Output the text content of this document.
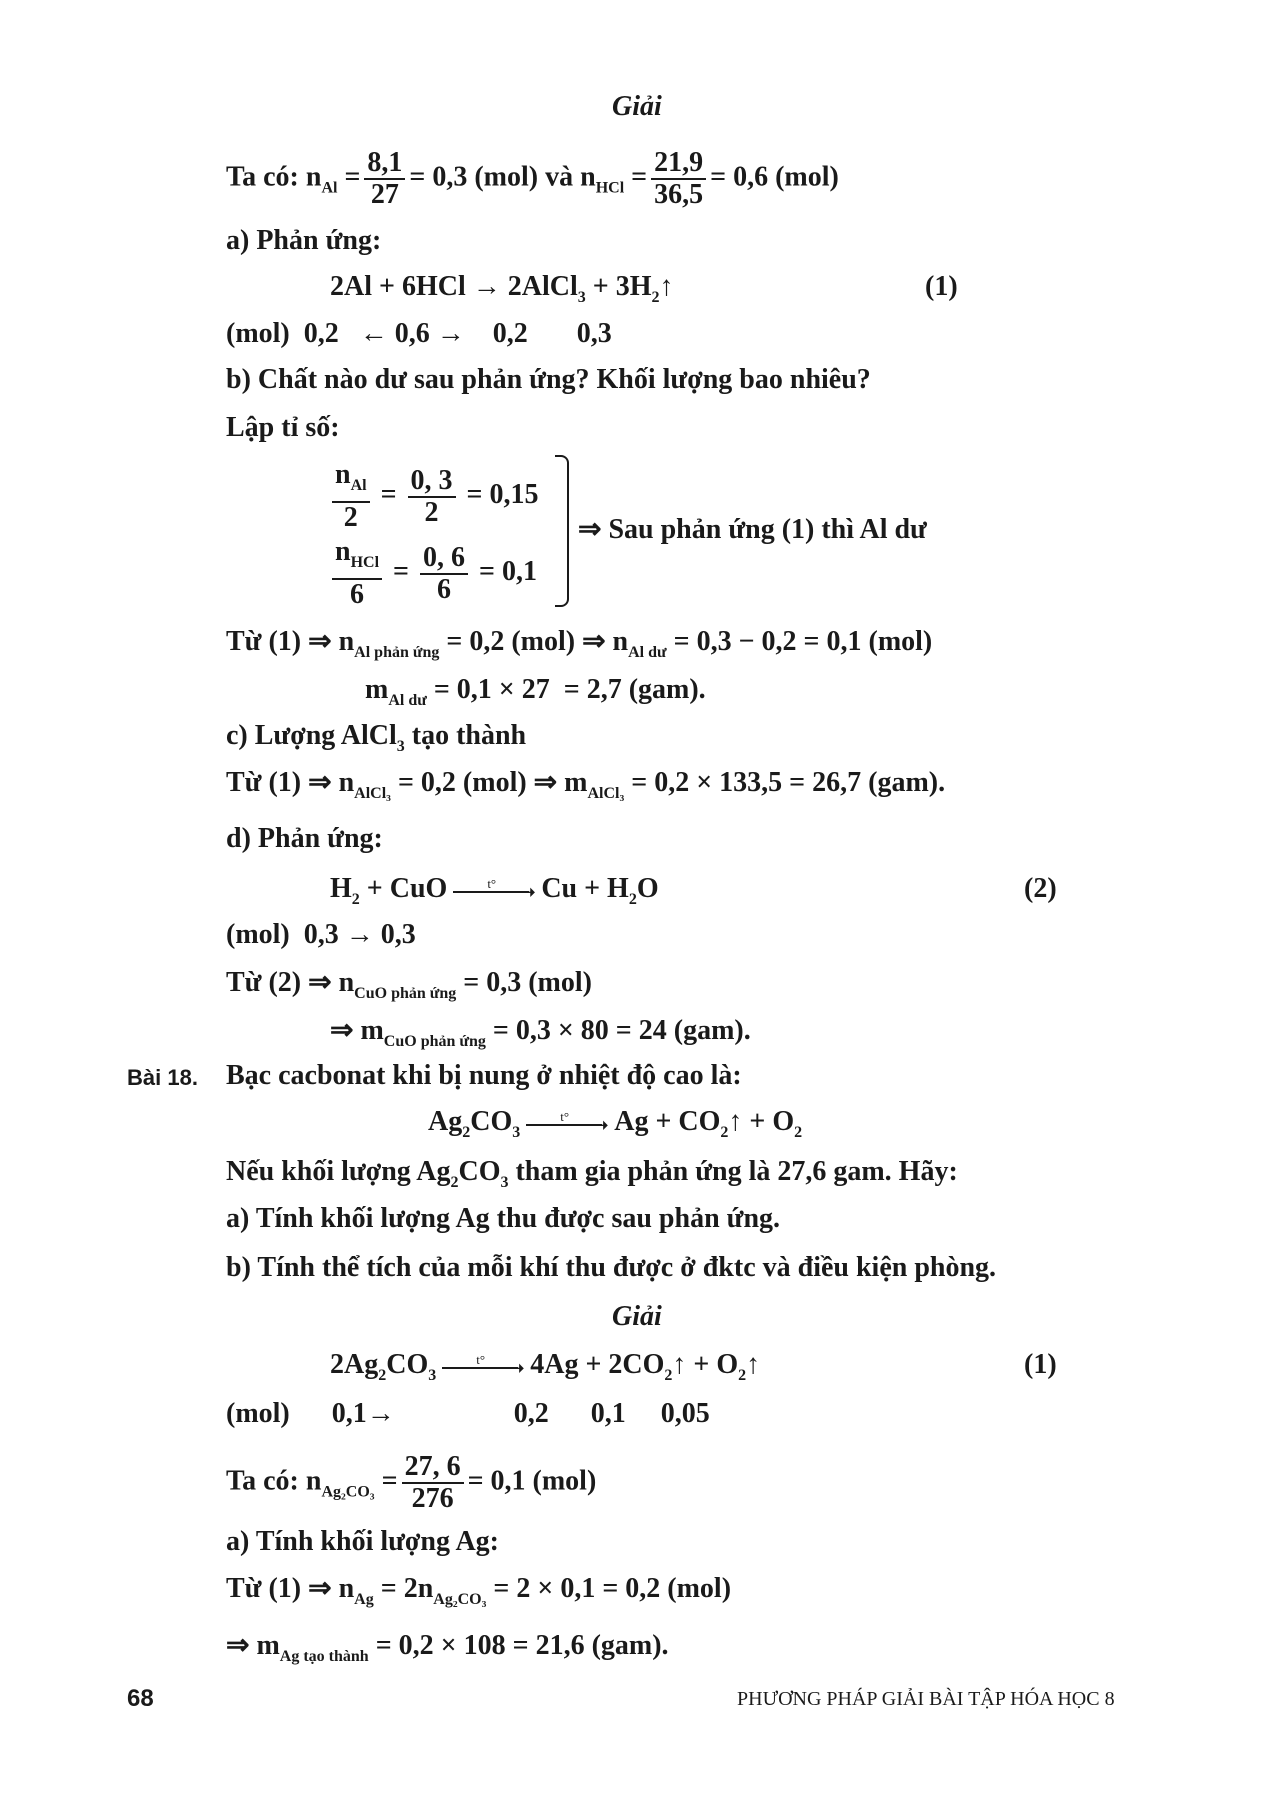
Giải
Ta có: $n_{Al} = \frac{8,1}{27} = 0,3$ (mol) và $n_{HCl} = \frac{21,9}{36,5} = 0,6$ (mol)
a) Phản ứng:
2Al + 6HCl → 2AlCl$_3$ + $3H_2↑$	(1)
(mol)  0,2   ← 0,6 →    0,2       0,3
b) Chất nào dư sau phản ứng? Khối lượng bao nhiêu?
Lập tỉ số:
$\frac{n_{Al}}{2} = \frac{0, 3}{2} = 0,15$
$\frac{n_{HCl}}{6} = \frac{0, 6}{6} = 0,1$
⇒ Sau phản ứng (1) thì Al dư
Từ (1) ⇒ $n_{Al phản ứng} = 0,2$ (mol) ⇒ $n_{Al dư} = 0,3 - 0,2 = 0,1$ (mol)
$m_{Al dư} = 0,1 \times 27 = 2,7$ (gam).
c) Lượng AlCl$_3$ tạo thành
Từ (1) ⇒ $n_{AlCl_3} = 0,2$ (mol) ⇒ $m_{AlCl_3} = 0,2 \times 133,5 = 26,7$ (gam).
d) Phản ứng:
$H_2$ + CuO	➝
t° $Cu + H_2O$	(2)
(mol)  0,3 → 0,3
Từ (2) ⇒ $n_{CuO phản ứng} = 0,3$ (mol)
⇒ $m_{CuO phản ứng} = 0,3 \times 80 = 24$ (gam).
Bài 18. Bạc cacbonat khi bị nung ở nhiệt độ cao là:
$Ag_2CO_3$	➝
t° $Ag + CO_2↑ + O_2$
Nếu khối lượng $Ag_2CO_3$ tham gia phản ứng là 27,6 gam. Hãy:
a) Tính khối lượng Ag thu được sau phản ứng.
b) Tính thể tích của mỗi khí thu được ở đktc và điều kiện phòng.
Giải
$2Ag_2CO_3$	➝
t° $4Ag + 2CO_2↑$ + $O_2↑$	(1)
(mol)      0,1→                 0,2      0,1     0,05
Ta có: $n_{Ag_2CO_3} = \frac{27, 6}{276} = 0,1$ (mol)
a) Tính khối lượng Ag:
Từ (1) ⇒ $n_{Ag} = 2n_{Ag_2CO_3} = 2 \times 0,1 = 0,2$ (mol)
⇒ $m_{Ag tạo thành} = 0,2 \times 108 = 21,6$ (gam).
68	PHƯƠNG PHÁP GIẢI BÀI TẬP HÓA HỌC 8
